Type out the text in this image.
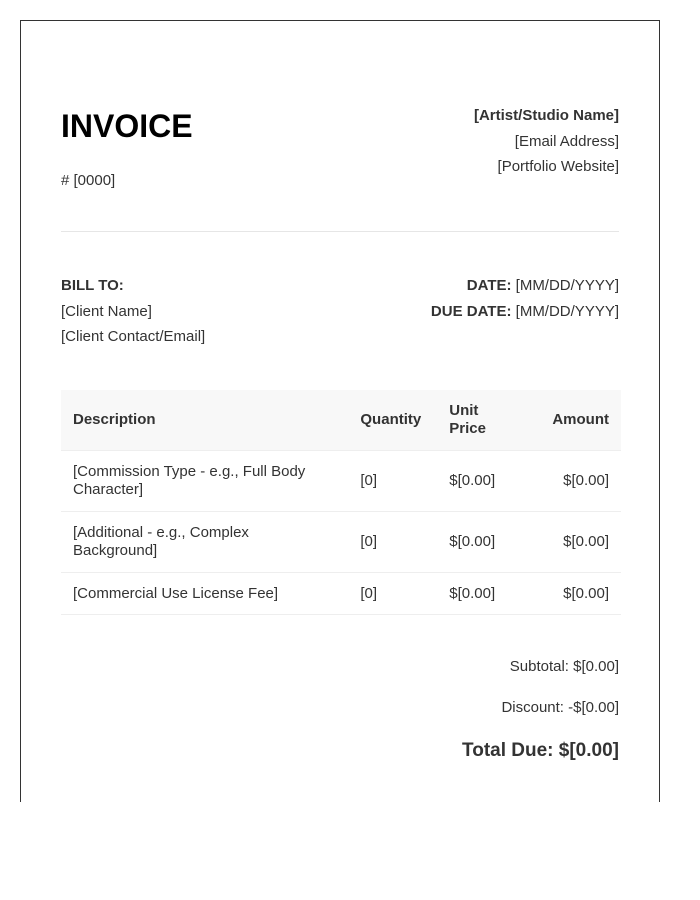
INVOICE
# [0000]
[Artist/Studio Name]
[Email Address]
[Portfolio Website]
BILL TO:
[Client Name]
[Client Contact/Email]
DATE: [MM/DD/YYYY]
DUE DATE: [MM/DD/YYYY]
Description	Quantity	Unit Price	Amount
[Commission Type - e.g., Full Body Character]	[0]	$[0.00]	$[0.00]
[Additional - e.g., Complex Background]	[0]	$[0.00]	$[0.00]
[Commercial Use License Fee]	[0]	$[0.00]	$[0.00]
Subtotal: $[0.00]
Discount: -$[0.00]
Total Due: $[0.00]
